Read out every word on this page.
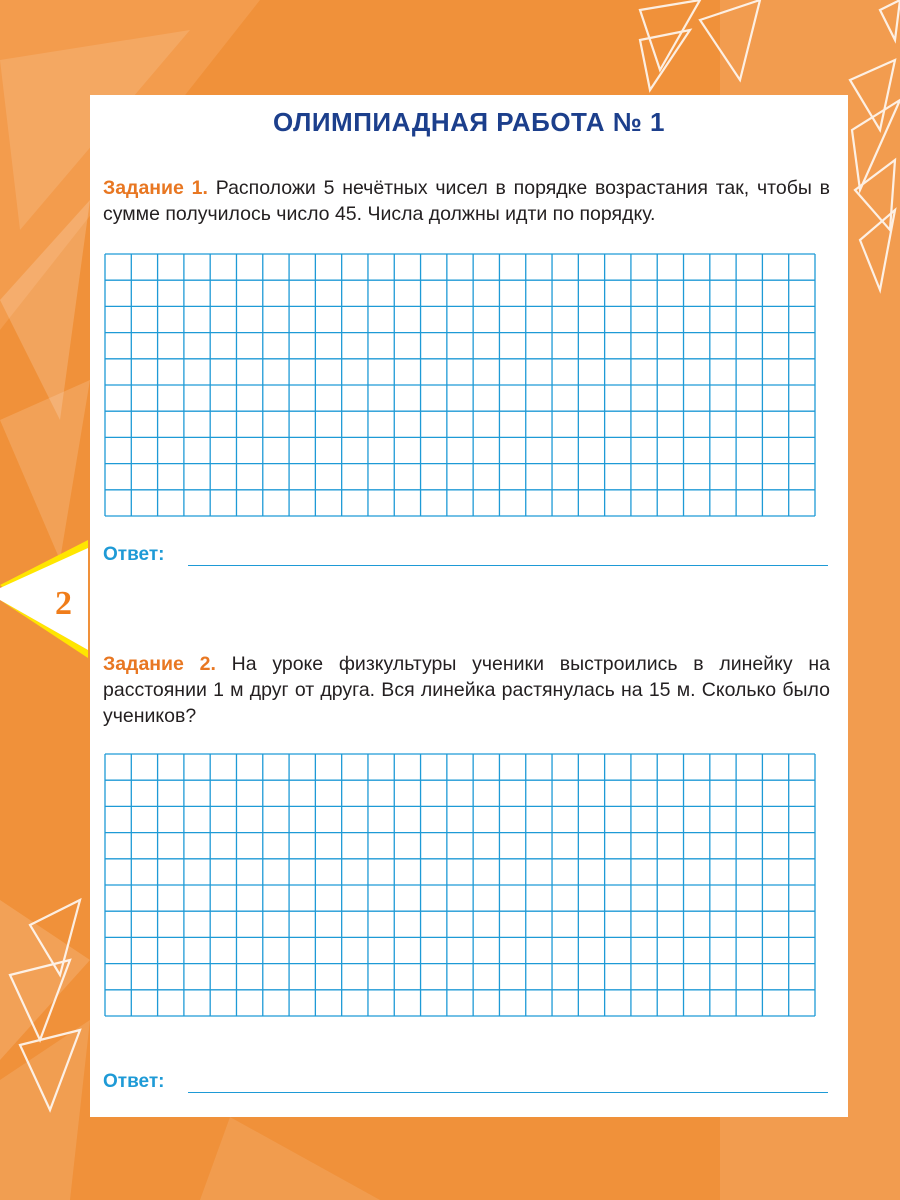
2
ОЛИМПИАДНАЯ РАБОТА № 1
Задание 1. Расположи 5 нечётных чисел в порядке возрастания так, чтобы в сумме получилось число 45. Числа должны идти по порядку.
Ответ:
Задание 2. На уроке физкультуры ученики выстроились в линейку на расстоянии 1 м друг от друга. Вся линейка растянулась на 15 м. Сколько было учеников?
Ответ:
